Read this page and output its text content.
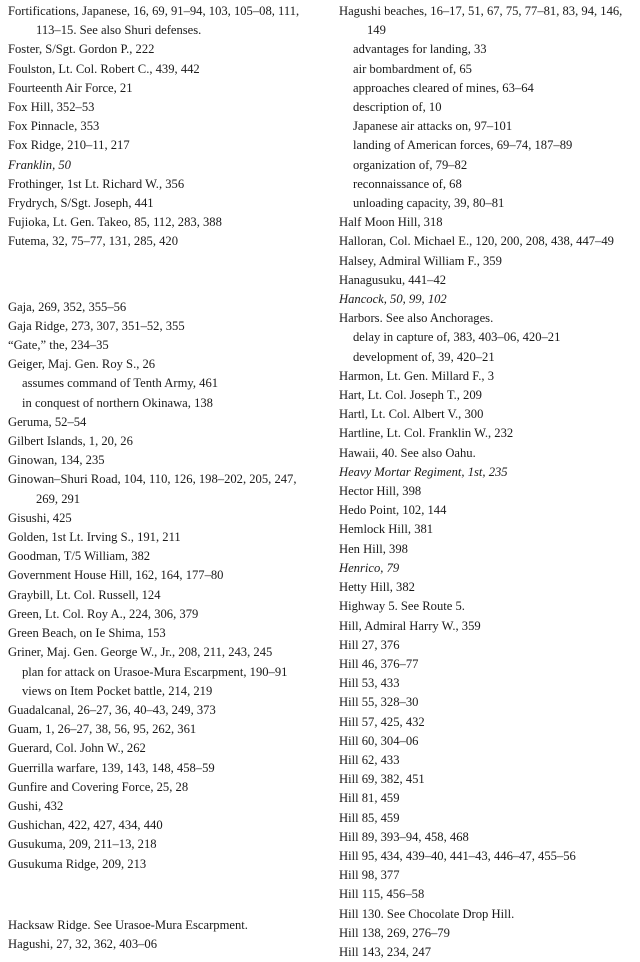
Fortifications, Japanese, 16, 69, 91–94, 103, 105–08, 111, 113–15. See also Shuri defenses.
Foster, S/Sgt. Gordon P., 222
Foulston, Lt. Col. Robert C., 439, 442
Fourteenth Air Force, 21
Fox Hill, 352–53
Fox Pinnacle, 353
Fox Ridge, 210–11, 217
Franklin, 50
Frothinger, 1st Lt. Richard W., 356
Frydrych, S/Sgt. Joseph, 441
Fujioka, Lt. Gen. Takeo, 85, 112, 283, 388
Futema, 32, 75–77, 131, 285, 420
Gaja, 269, 352, 355–56
Gaja Ridge, 273, 307, 351–52, 355
“Gate,” the, 234–35
Geiger, Maj. Gen. Roy S., 26
assumes command of Tenth Army, 461
in conquest of northern Okinawa, 138
Geruma, 52–54
Gilbert Islands, 1, 20, 26
Ginowan, 134, 235
Ginowan–Shuri Road, 104, 110, 126, 198–202, 205, 247, 269, 291
Gisushi, 425
Golden, 1st Lt. Irving S., 191, 211
Goodman, T/5 William, 382
Government House Hill, 162, 164, 177–80
Graybill, Lt. Col. Russell, 124
Green, Lt. Col. Roy A., 224, 306, 379
Green Beach, on Ie Shima, 153
Griner, Maj. Gen. George W., Jr., 208, 211, 243, 245
plan for attack on Urasoe-Mura Escarpment, 190–91
views on Item Pocket battle, 214, 219
Guadalcanal, 26–27, 36, 40–43, 249, 373
Guam, 1, 26–27, 38, 56, 95, 262, 361
Guerard, Col. John W., 262
Guerrilla warfare, 139, 143, 148, 458–59
Gunfire and Covering Force, 25, 28
Gushi, 432
Gushichan, 422, 427, 434, 440
Gusukuma, 209, 211–13, 218
Gusukuma Ridge, 209, 213
Hacksaw Ridge. See Urasoe-Mura Escarpment.
Hagushi, 27, 32, 362, 403–06
Hagushi beaches, 16–17, 51, 67, 75, 77–81, 83, 94, 146, 149
advantages for landing, 33
air bombardment of, 65
approaches cleared of mines, 63–64
description of, 10
Japanese air attacks on, 97–101
landing of American forces, 69–74, 187–89
organization of, 79–82
reconnaissance of, 68
unloading capacity, 39, 80–81
Half Moon Hill, 318
Halloran, Col. Michael E., 120, 200, 208, 438, 447–49
Halsey, Admiral William F., 359
Hanagusuku, 441–42
Hancock, 50, 99, 102
Harbors. See also Anchorages.
delay in capture of, 383, 403–06, 420–21
development of, 39, 420–21
Harmon, Lt. Gen. Millard F., 3
Hart, Lt. Col. Joseph T., 209
Hartl, Lt. Col. Albert V., 300
Hartline, Lt. Col. Franklin W., 232
Hawaii, 40. See also Oahu.
Heavy Mortar Regiment, 1st, 235
Hector Hill, 398
Hedo Point, 102, 144
Hemlock Hill, 381
Hen Hill, 398
Henrico, 79
Hetty Hill, 382
Highway 5. See Route 5.
Hill, Admiral Harry W., 359
Hill 27, 376
Hill 46, 376–77
Hill 53, 433
Hill 55, 328–30
Hill 57, 425, 432
Hill 60, 304–06
Hill 62, 433
Hill 69, 382, 451
Hill 81, 459
Hill 85, 459
Hill 89, 393–94, 458, 468
Hill 95, 434, 439–40, 441–43, 446–47, 455–56
Hill 98, 377
Hill 115, 456–58
Hill 130. See Chocolate Drop Hill.
Hill 138, 269, 276–79
Hill 143, 234, 247
